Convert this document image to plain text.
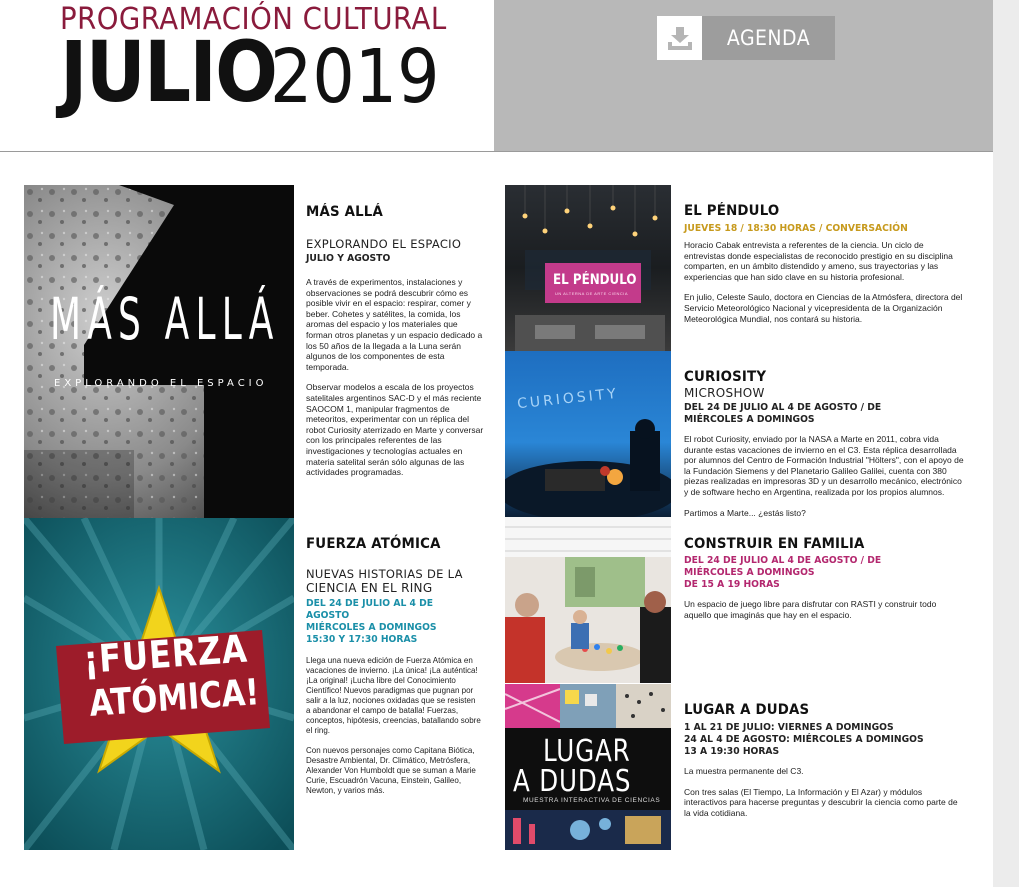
PROGRAMACIÓN CULTURAL
JULIO
2019	AGENDA
MÁS ALLÁ
EXPLORANDO EL ESPACIO
MÁS ALLÁ
EXPLORANDO EL ESPACIO
JULIO Y AGOSTO

A través de experimentos, instalaciones y observaciones se podrá descubrir cómo es posible vivir en el espacio: respirar, comer y beber. Cohetes y satélites, la comida, los aromas del espacio y los materiales que forman otros planetas y un espacio dedicado a los 50 años de la llegada a la Luna serán algunos de los componentes de esta temporada.

Observar modelos a escala de los proyectos satelitales argentinos SAC-D y el más reciente SAOCOM 1, manipular fragmentos de meteoritos, experimentar con un réplica del robot Curiosity aterrizado en Marte y conversar con los principales referentes de las investigaciones y tecnologías actuales en materia satelital serán sólo algunas de las actividades programadas.

¡FUERZA
ATÓMICA!
FUERZA ATÓMICA
NUEVAS HISTORIAS DE LA
CIENCIA EN EL RING
DEL 24 DE JULIO AL 4 DE AGOSTO
MIÉRCOLES A DOMINGOS
15:30 Y 17:30 HORAS

Llega una nueva edición de Fuerza Atómica en vacaciones de invierno. ¡La única! ¡La auténtica! ¡La original! ¡Lucha libre del Conocimiento Científico! Nuevos paradigmas que pugnan por salir a la luz, nociones oxidadas que se resisten a abandonar el campo de batalla! Fuerzas, conceptos, hipótesis, creencias, batallando sobre el ring.

Con nuevos personajes como Capitana Biótica, Desastre Ambiental, Dr. Climático, Metrósfera, Alexander Von Humboldt que se suman a Marie Curie, Escuadrón Vacuna, Einstein, Galileo, Newton, y varios más.

EL PÉNDULO
UN ALTERNA DE ARTE CIENCIA
EL PÉNDULO
JUEVES 18 / 18:30 HORAS / CONVERSACIÓN

Horacio Cabak entrevista a referentes de la ciencia. Un ciclo de entrevistas donde especialistas de reconocido prestigio en su disciplina comparten, en un ámbito distendido y ameno, sus trayectorias y las experiencias que han sido clave en su historia profesional.

En julio, Celeste Saulo, doctora en Ciencias de la Atmósfera, directora del Servicio Meteorológico Nacional y vicepresidenta de la Organización Meteorológica Mundial, nos contará su historia.

CURIOSITY
CURIOSITY
MICROSHOW
DEL 24 DE JULIO AL 4 DE AGOSTO / DE MIÉRCOLES A DOMINGOS

El robot Curiosity, enviado por la NASA a Marte en 2011, cobra vida durante estas vacaciones de invierno en el C3. Esta réplica desarrollada por alumnos del Centro de Formación Industrial "Hölters", con el apoyo de la Fundación Siemens y del Planetario Galileo Galilei, cuenta con 380 piezas realizadas en impresoras 3D y un desarrollo mecánico, electrónico y de software hecho en Argentina, realizada por los propios alumnos.

Partimos a Marte... ¿estás listo?

CONSTRUIR EN FAMILIA
DEL 24 DE JULIO AL 4 DE AGOSTO / DE MIÉRCOLES A DOMINGOS
DE 15 A 19 HORAS

Un espacio de juego libre para disfrutar con RASTI y construir todo aquello que imaginás que hay en el espacio.

LUGAR
A DUDAS
MUESTRA INTERACTIVA DE CIENCIAS
LUGAR A DUDAS
1 AL 21 DE JULIO: VIERNES A DOMINGOS
24 AL 4 DE AGOSTO: MIÉRCOLES A DOMINGOS
13 A 19:30 HORAS

La muestra permanente del C3.

Con tres salas (El Tiempo, La Información y El Azar) y módulos interactivos para hacerse preguntas y descubrir la ciencia como parte de la vida cotidiana.
